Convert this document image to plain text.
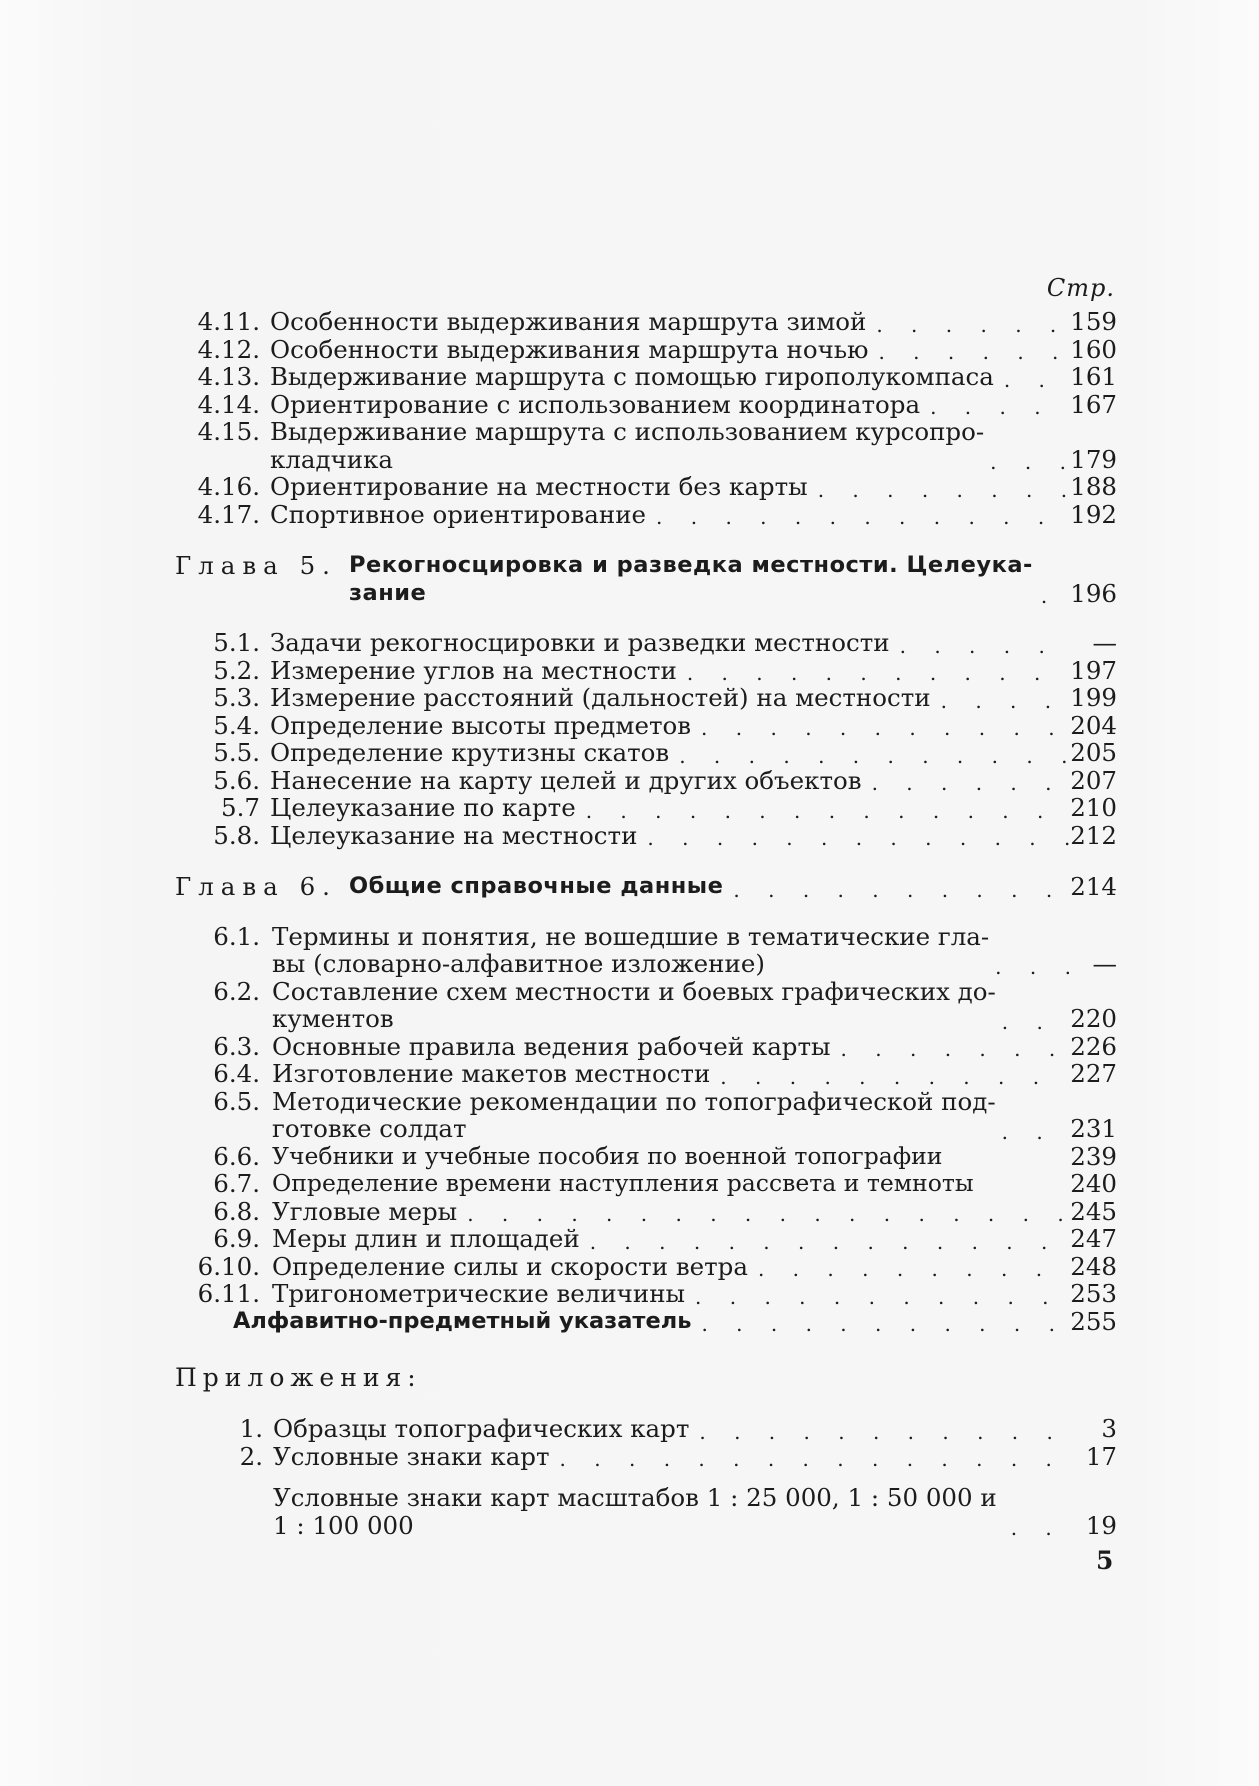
Стр.
4.11. Особенности выдерживания маршрута зимой . . .	159
4.12. Особенности выдерживания маршрута ночью . . .	160
4.13. Выдерживание маршрута с помощью гирополукомпаса . . .	161
4.14. Ориентирование с использованием координатора . . .	167
4.15. Выдерживание маршрута с использованием курсопро-
кладчика . . .	179
4.16. Ориентирование на местности без карты . . .	188
4.17. Спортивное ориентирование . . .	192
Глава 5. Рекогносцировка и разведка местности. Целеука-
зание . . .	196
5.1. Задачи рекогносцировки и разведки местности . . .	—
5.2. Измерение углов на местности . . .	197
5.3. Измерение расстояний (дальностей) на местности . . .	199
5.4. Определение высоты предметов . . .	204
5.5. Определение крутизны скатов . . .	205
5.6. Нанесение на карту целей и других объектов . . .	207
5.7 Целеуказание по карте . . .	210
5.8. Целеуказание на местности . . .	212
Глава 6. Общие справочные данные . . .	214
6.1. Термины и понятия, не вошедшие в тематические гла-
вы (словарно-алфавитное изложение) . . .	—
6.2. Составление схем местности и боевых графических до-
кументов . . .	220
6.3. Основные правила ведения рабочей карты . . .	226
6.4. Изготовление макетов местности . . .	227
6.5. Методические рекомендации по топографической под-
готовке солдат . . .	231
6.6. Учебники и учебные пособия по военной топографии	239
6.7. Определение времени наступления рассвета и темноты	240
6.8. Угловые меры . . .	245
6.9. Меры длин и площадей . . .	247
6.10. Определение силы и скорости ветра . . .	248
6.11. Тригонометрические величины . . .	253
Алфавитно-предметный указатель . . .	255
Приложения:
1. Образцы топографических карт . . .	3
2. Условные знаки карт . . .	17
Условные знаки карт масштабов 1 : 25 000, 1 : 50 000 и
1 : 100 000 . . .	19
5
